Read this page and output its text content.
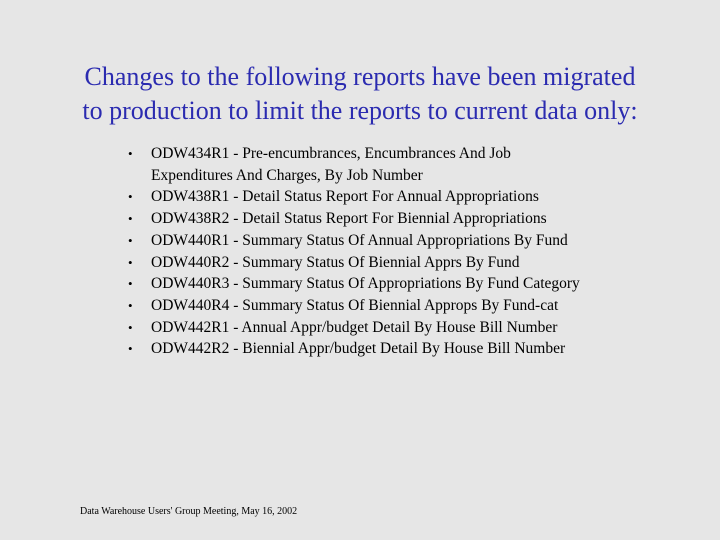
Changes to the following reports have been migrated
to production to limit the reports to current data only:
• ODW434R1 - Pre-encumbrances, Encumbrances And Job
Expenditures And Charges, By Job Number
• ODW438R1 - Detail Status Report For Annual Appropriations
• ODW438R2 - Detail Status Report For Biennial Appropriations
• ODW440R1 - Summary Status Of Annual Appropriations By Fund
• ODW440R2 - Summary Status Of Biennial Apprs By Fund
• ODW440R3 - Summary Status Of Appropriations By Fund Category
• ODW440R4 - Summary Status Of Biennial Approps By Fund-cat
• ODW442R1 - Annual Appr/budget Detail By House Bill Number
• ODW442R2 - Biennial Appr/budget Detail By House Bill Number
Data Warehouse Users' Group Meeting, May 16, 2002
